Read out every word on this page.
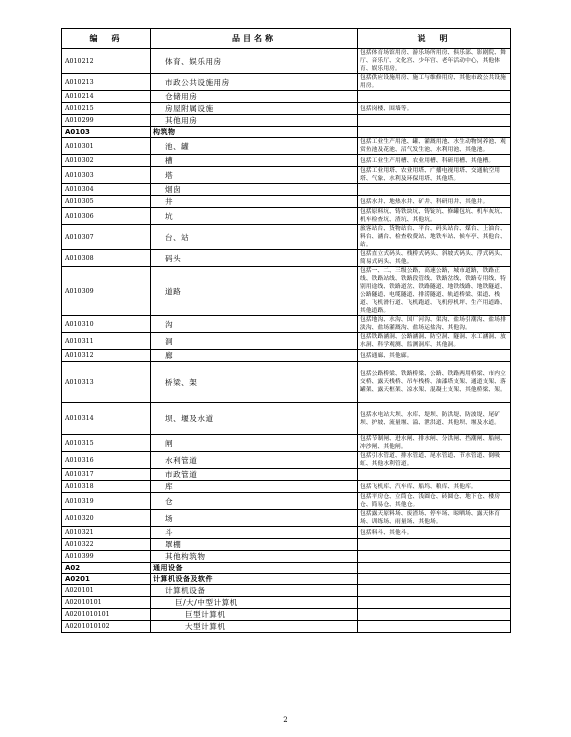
编　码	品目名称	说　明
A010212	体育、娱乐用房	包括体育场馆用房、游乐场所用房、俱乐部、影剧院、舞厅、音乐厅、文化宫、少年宫、老年活动中心，其他体育、娱乐用房。
A010213	市政公共设施用房	包括供应设施用房、施工与维修用房、其他市政公共设施用房。
A010214	仓储用房	
A010215	房屋附属设施	包括岗楼、围墙等。
A010299	其他用房	
A0103	构筑物	
A010301	池、罐	包括工业生产用池、罐、灌溉用池、水生动物饲养池、观赏鱼池及花池、沼气发生池、水利用池、其他池。
A010302	槽	包括工业生产用槽、农业用槽、科研用槽、其他槽。
A010303	塔	包括工业用塔、农业用塔、广播电视用塔、交通航空用塔、气象、水利及环保用塔、其他塔。
A010304	烟囱	
A010305	井	包括水井、地热水井、矿井、科研用井、其他井。
A010306	坑	包括原料坑、铸铁块坑、铸锭坑、修罐包坑、机车灰坑、机车检查坑、渣坑、其他坑。
A010307	台、站	旅客站台、货物站台、平台、码头站台、煤台、上油台、料台、涵台、检查收费站、地铁车站、候车亭、其他台、站。
A010308	码头	包括直立式码头、栈桥式码头、斜坡式码头、浮式码头、简易式码头、其他。
A010309	道路	包括一、二、三级公路，高速公路，城市道路，铁路正线、铁路站线、铁路段管线、铁路岔线、铁路专用线、特别用途线、铁路道岔、铁路隧道、地铁线路、地铁隧道、公路隧道、电缆隧道、排涝隧道、轨道桥梁、渠道、栈道、飞机滑行道、飞机跑道、飞机停机坪、生产用道路、其他道路。
A010310	沟	包括地沟、水沟、国厂河沟、渠沟、盐场引潮沟、盐场排淡沟、盐场灌溉沟、盐场运盐沟、其他沟。
A010311	洞	包括铁路涵洞、公路涵洞、防空洞、隧洞、水工涵洞、放水洞、科学观测、监测洞库、其他洞。
A010312	廊	包括通廊、其他廊。
A010313	桥梁、架	包括公路桥梁、铁路桥梁、公路、铁路两用桥梁、市内立交桥、露天栈桥、吊车栈桥、油漆塔支架、通道支架、落罐架、露天框架、凉水架、混凝土支架、其他桥梁、架。
A010314	坝、堰及水道	包括水电站大坝、水库、堤坝、防洪堤、防波堤、尾矿坝、护坡、流量堰、溢、泄洪道、其他坝、堰及水道。
A010315	闸	包括节制闸、进水闸、排水闸、分洪闸、挡潮闸、船闸、冲沙闸、其他闸。
A010316	水利管道	包括引水管道、排水管道、尾水管道、节水管道、倒吸虹、其他水利管道。
A010317	市政管道	
A010318	库	包括飞机库、汽车库、船坞、粮库、其他库。
A010319	仓	包括平房仓、立筒仓、浅圆仓、砖圆仓、地下仓、楼房仓、简易仓、其他仓。
A010320	场	包括露天原料场、废渣场、停车场、晾晒场、露天体育场、训练场、雨量场、其他场。
A010321	斗	包括料斗、其他斗。
A010322	罩棚	
A010399	其他构筑物	
A02	通用设备	
A0201	计算机设备及软件	
A020101	计算机设备	
A02010101	巨/大/中型计算机	
A0201010101	巨型计算机	
A0201010102	大型计算机	
2
